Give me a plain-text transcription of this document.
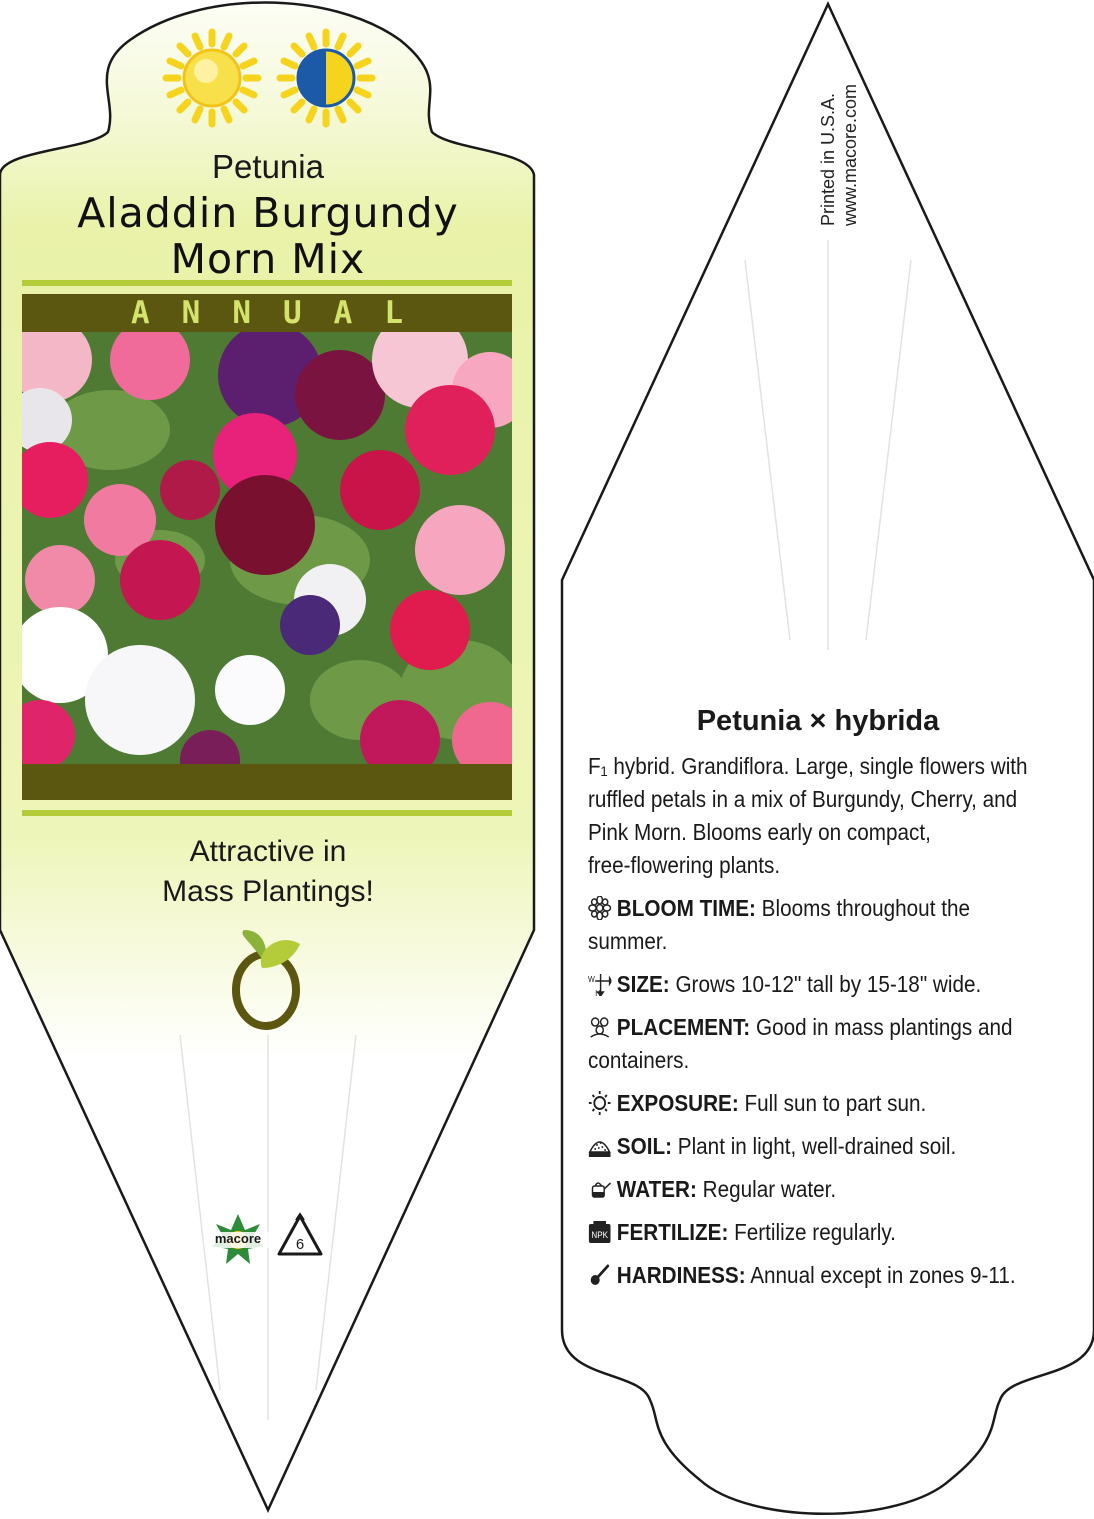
Petunia
Aladdin Burgundy
Morn Mix
ANNUAL
Attractive in
Mass Plantings!
macore	6
Printed in U.S.A. www.macore.com
Petunia × hybrida
F₁ hybrid. Grandiflora. Large, single flowers with
ruffled petals in a mix of Burgundy, Cherry, and
Pink Morn. Blooms early on compact,
free-flowering plants.
BLOOM TIME: Blooms throughout the summer.
W
H SIZE: Grows 10-12" tall by 15-18" wide.
PLACEMENT: Good in mass plantings and containers.
EXPOSURE: Full sun to part sun.
SOIL: Plant in light, well-drained soil.
WATER: Regular water.
NPK FERTILIZE: Fertilize regularly.
HARDINESS: Annual except in zones 9-11.
